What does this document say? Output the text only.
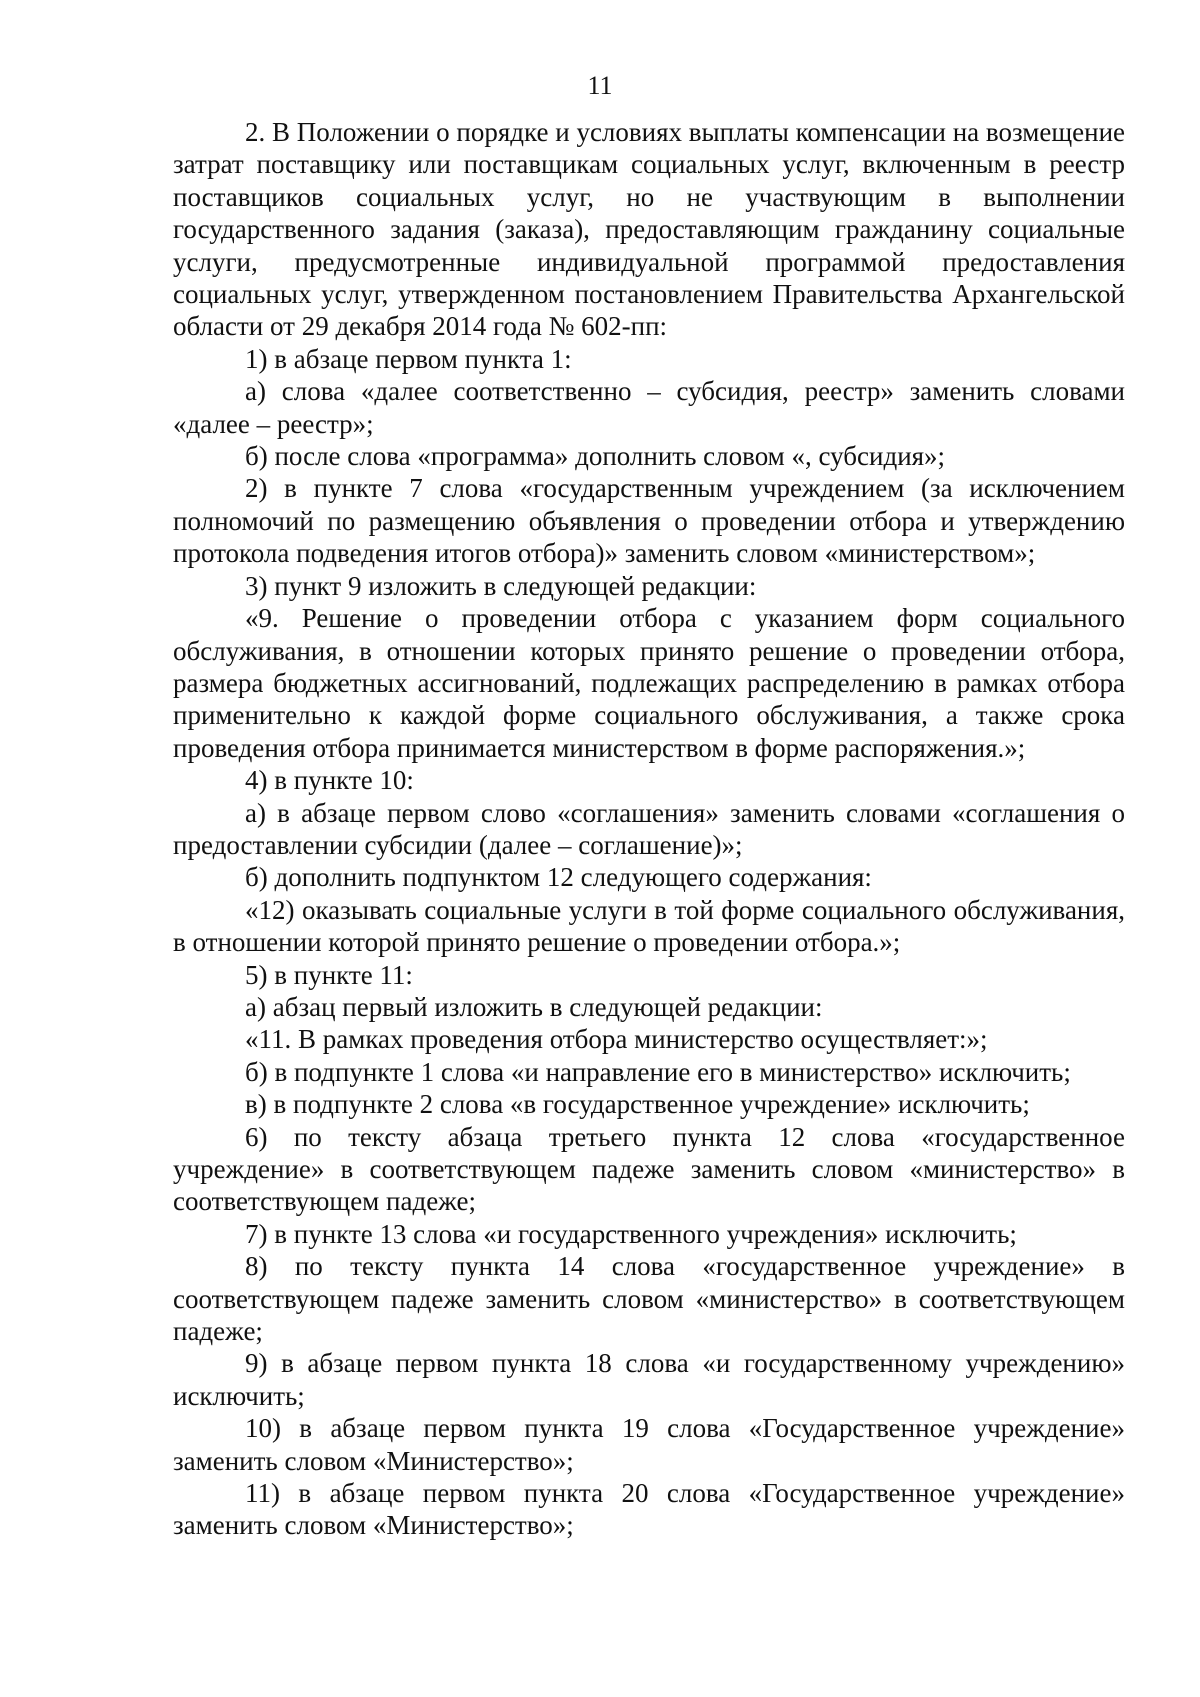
11

2. В Положении о порядке и условиях выплаты компенсации на возмещение затрат поставщику или поставщикам социальных услуг, включенным в реестр поставщиков социальных услуг, но не участвующим в выполнении государственного задания (заказа), предоставляющим гражданину социальные услуги, предусмотренные индивидуальной программой предоставления социальных услуг, утвержденном постановлением Правительства Архангельской области от 29 декабря 2014 года № 602-пп:

1) в абзаце первом пункта 1:

а) слова «далее соответственно – субсидия, реестр» заменить словами «далее – реестр»;

б) после слова «программа» дополнить словом «, субсидия»;

2) в пункте 7 слова «государственным учреждением (за исключением полномочий по размещению объявления о проведении отбора и утверждению протокола подведения итогов отбора)» заменить словом «министерством»;

3) пункт 9 изложить в следующей редакции:

«9. Решение о проведении отбора с указанием форм социального обслуживания, в отношении которых принято решение о проведении отбора, размера бюджетных ассигнований, подлежащих распределению в рамках отбора применительно к каждой форме социального обслуживания, а также срока проведения отбора принимается министерством в форме распоряжения.»;

4) в пункте 10:

а) в абзаце первом слово «соглашения» заменить словами «соглашения о предоставлении субсидии (далее – соглашение)»;

б) дополнить подпунктом 12 следующего содержания:

«12) оказывать социальные услуги в той форме социального обслуживания, в отношении которой принято решение о проведении отбора.»;

5) в пункте 11:

а) абзац первый изложить в следующей редакции:

«11. В рамках проведения отбора министерство осуществляет:»;

б) в подпункте 1 слова «и направление его в министерство» исключить;

в) в подпункте 2 слова «в государственное учреждение» исключить;

6) по тексту абзаца третьего пункта 12 слова «государственное учреждение» в соответствующем падеже заменить словом «министерство» в соответствующем падеже;

7) в пункте 13 слова «и государственного учреждения» исключить;

8) по тексту пункта 14 слова «государственное учреждение» в соответствующем падеже заменить словом «министерство» в соответствующем падеже;

9) в абзаце первом пункта 18 слова «и государственному учреждению» исключить;

10) в абзаце первом пункта 19 слова «Государственное учреждение» заменить словом «Министерство»;

11) в абзаце первом пункта 20 слова «Государственное учреждение» заменить словом «Министерство»;
